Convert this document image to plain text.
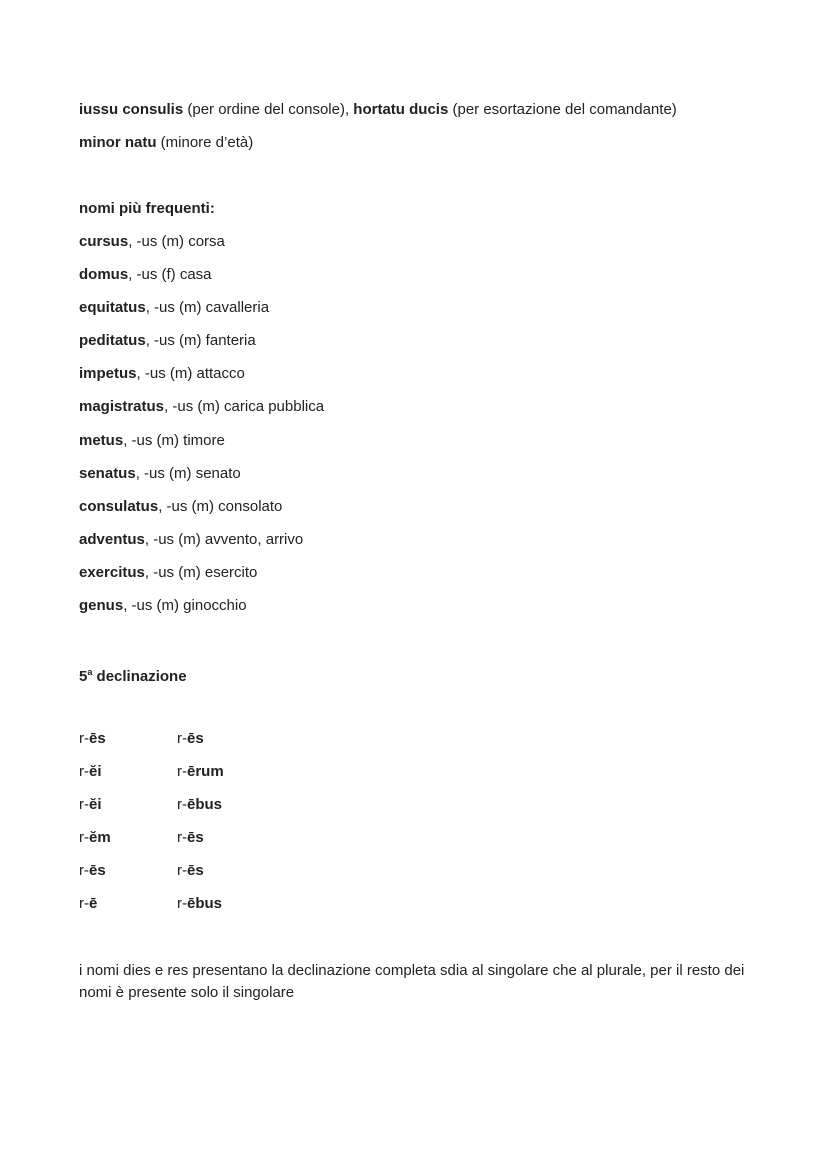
iussu consulis (per ordine del console), hortatu ducis (per esortazione del comandante)
minor natu (minore d’età)
nomi più frequenti:
cursus, -us (m) corsa
domus, -us (f) casa
equitatus, -us (m) cavalleria
peditatus, -us (m) fanteria
impetus, -us (m) attacco
magistratus, -us (m) carica pubblica
metus, -us (m) timore
senatus, -us (m) senato
consulatus, -us (m) consolato
adventus, -us (m) avvento, arrivo
exercitus, -us (m) esercito
genus, -us (m) ginocchio
5$^a$ declinazione
r-ēs	r-ēs
r-ĕi	r-ērum
r-ĕi	r-ēbus
r-ĕm	r-ēs
r-ēs	r-ēs
r-ē	r-ēbus
i nomi dies e res presentano la declinazione completa sdia al singolare che al plurale, per il resto dei nomi è presente solo il singolare
